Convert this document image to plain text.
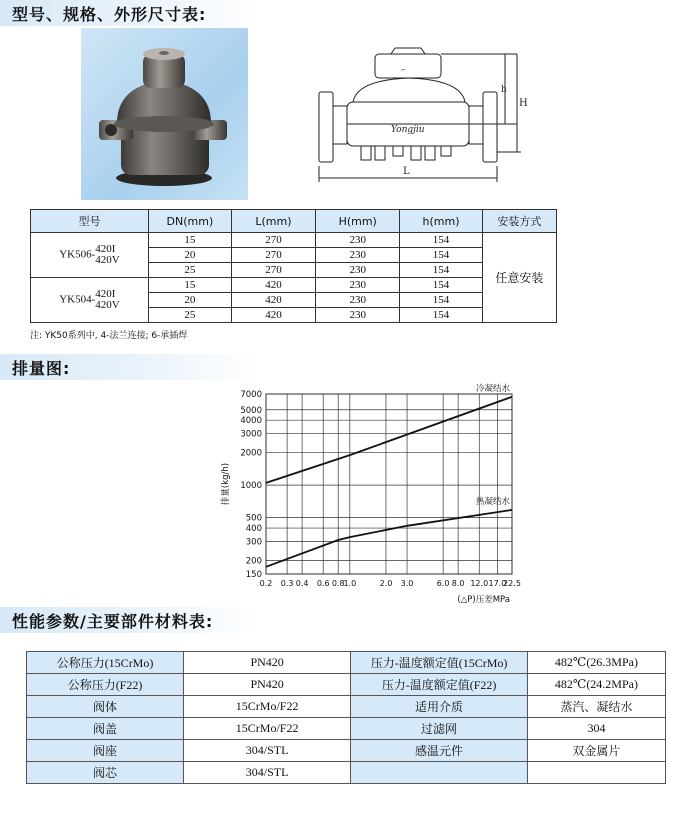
型号、规格、外形尺寸表:
⌐
Yongjiu
L
h
H
型号	DN(mm)	L(mm)	H(mm)	h(mm)	安装方式
YK506-420I
420V	15	270	230	154	任意安装
	20	270	230	154	
	25	270	230	154	
YK504-420I
420V	15	420	230	154	
	20	420	230	154	
	25	420	230	154	
注: YK50系列中, 4-法兰连接; 6-承插焊
排量图:
0.2 0.3 0.4 0.6 0.8
1.0	2.0 3.0	6.0 8.0 12.0 17.0
22.5
7000
5000
4000
3000
2000
1000
500
400
300
200
150
冷凝结水
热凝结水
排量(kg/h)
(△P)压差MPa
性能参数/主要部件材料表:
公称压力(15CrMo)	PN420	压力-温度额定值(15CrMo)	482℃(26.3MPa)
公称压力(F22)	PN420	压力-温度额定值(F22)	482℃(24.2MPa)
阀体	15CrMo/F22	适用介质	蒸汽、凝结水
阀盖	15CrMo/F22	过滤网	304
阀座	304/STL	感温元件	双金属片
阀芯	304/STL		
